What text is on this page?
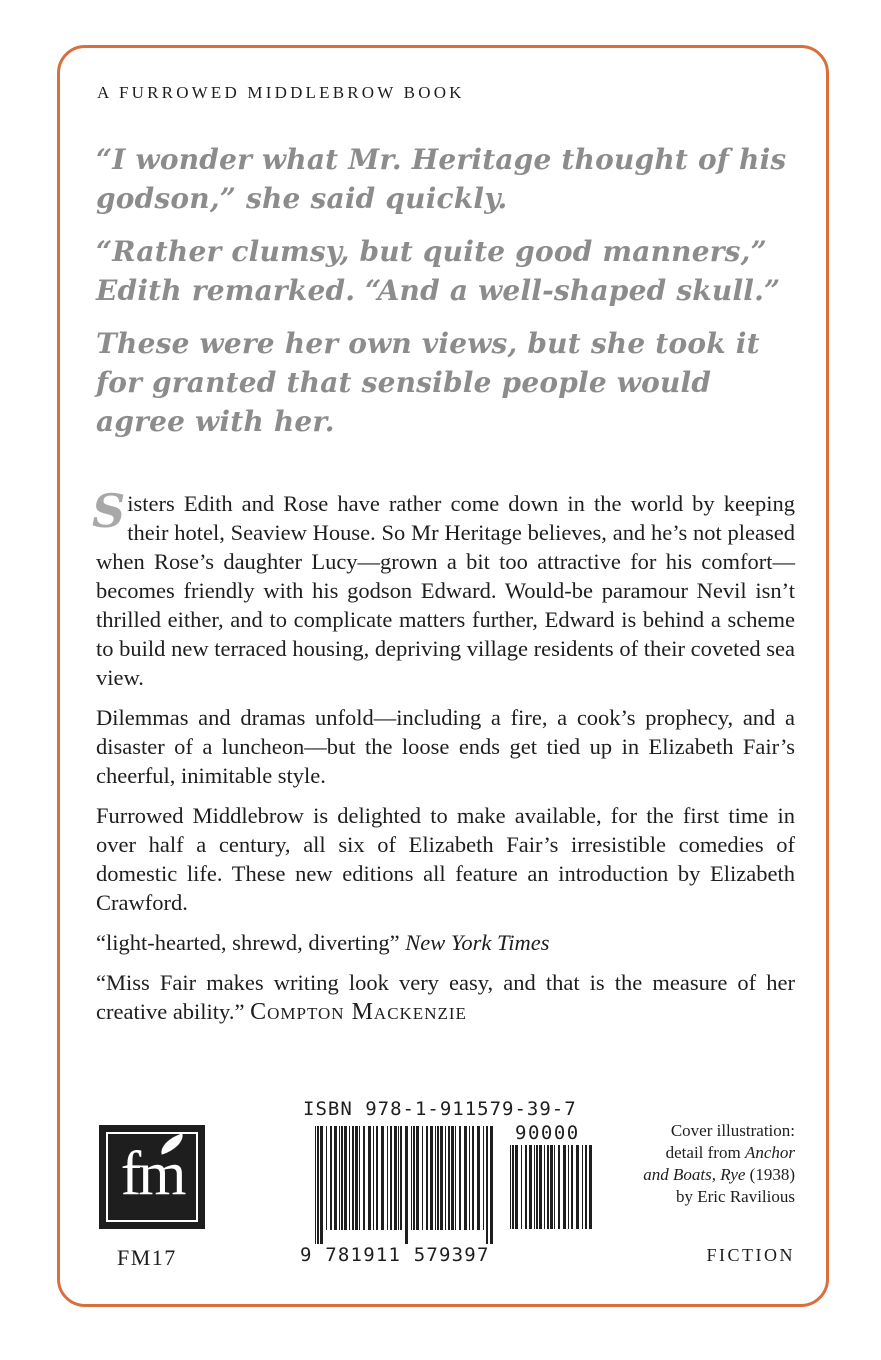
A FURROWED MIDDLEBROW BOOK

“I wonder what Mr. Heritage thought of his godson,” she said quickly.

“Rather clumsy, but quite good manners,” Edith remarked. “And a well-shaped skull.”

These were her own views, but she took it for granted that sensible people would agree with her.

Sisters Edith and Rose have rather come down in the world by keeping their hotel, Seaview House. So Mr Heritage believes, and he’s not pleased when Rose’s daughter Lucy—grown a bit too attractive for his comfort—becomes friendly with his godson Edward. Would-be paramour Nevil isn’t thrilled either, and to complicate matters further, Edward is behind a scheme to build new terraced housing, depriving village residents of their coveted sea view.

Dilemmas and dramas unfold—including a fire, a cook’s prophecy, and a disaster of a luncheon—but the loose ends get tied up in Elizabeth Fair’s cheerful, inimitable style.

Furrowed Middlebrow is delighted to make available, for the first time in over half a century, all six of Elizabeth Fair’s irresistible comedies of domestic life. These new editions all feature an introduction by Elizabeth Crawford.

“light-hearted, shrewd, diverting” New York Times

“Miss Fair makes writing look very easy, and that is the measure of her creative ability.” Compton Mackenzie

fm
FM17
ISBN 978-1-911579-39-7
90000
9 781911 579397
Cover illustration:
detail from Anchor
and Boats, Rye (1938)
by Eric Ravilious
FICTION
